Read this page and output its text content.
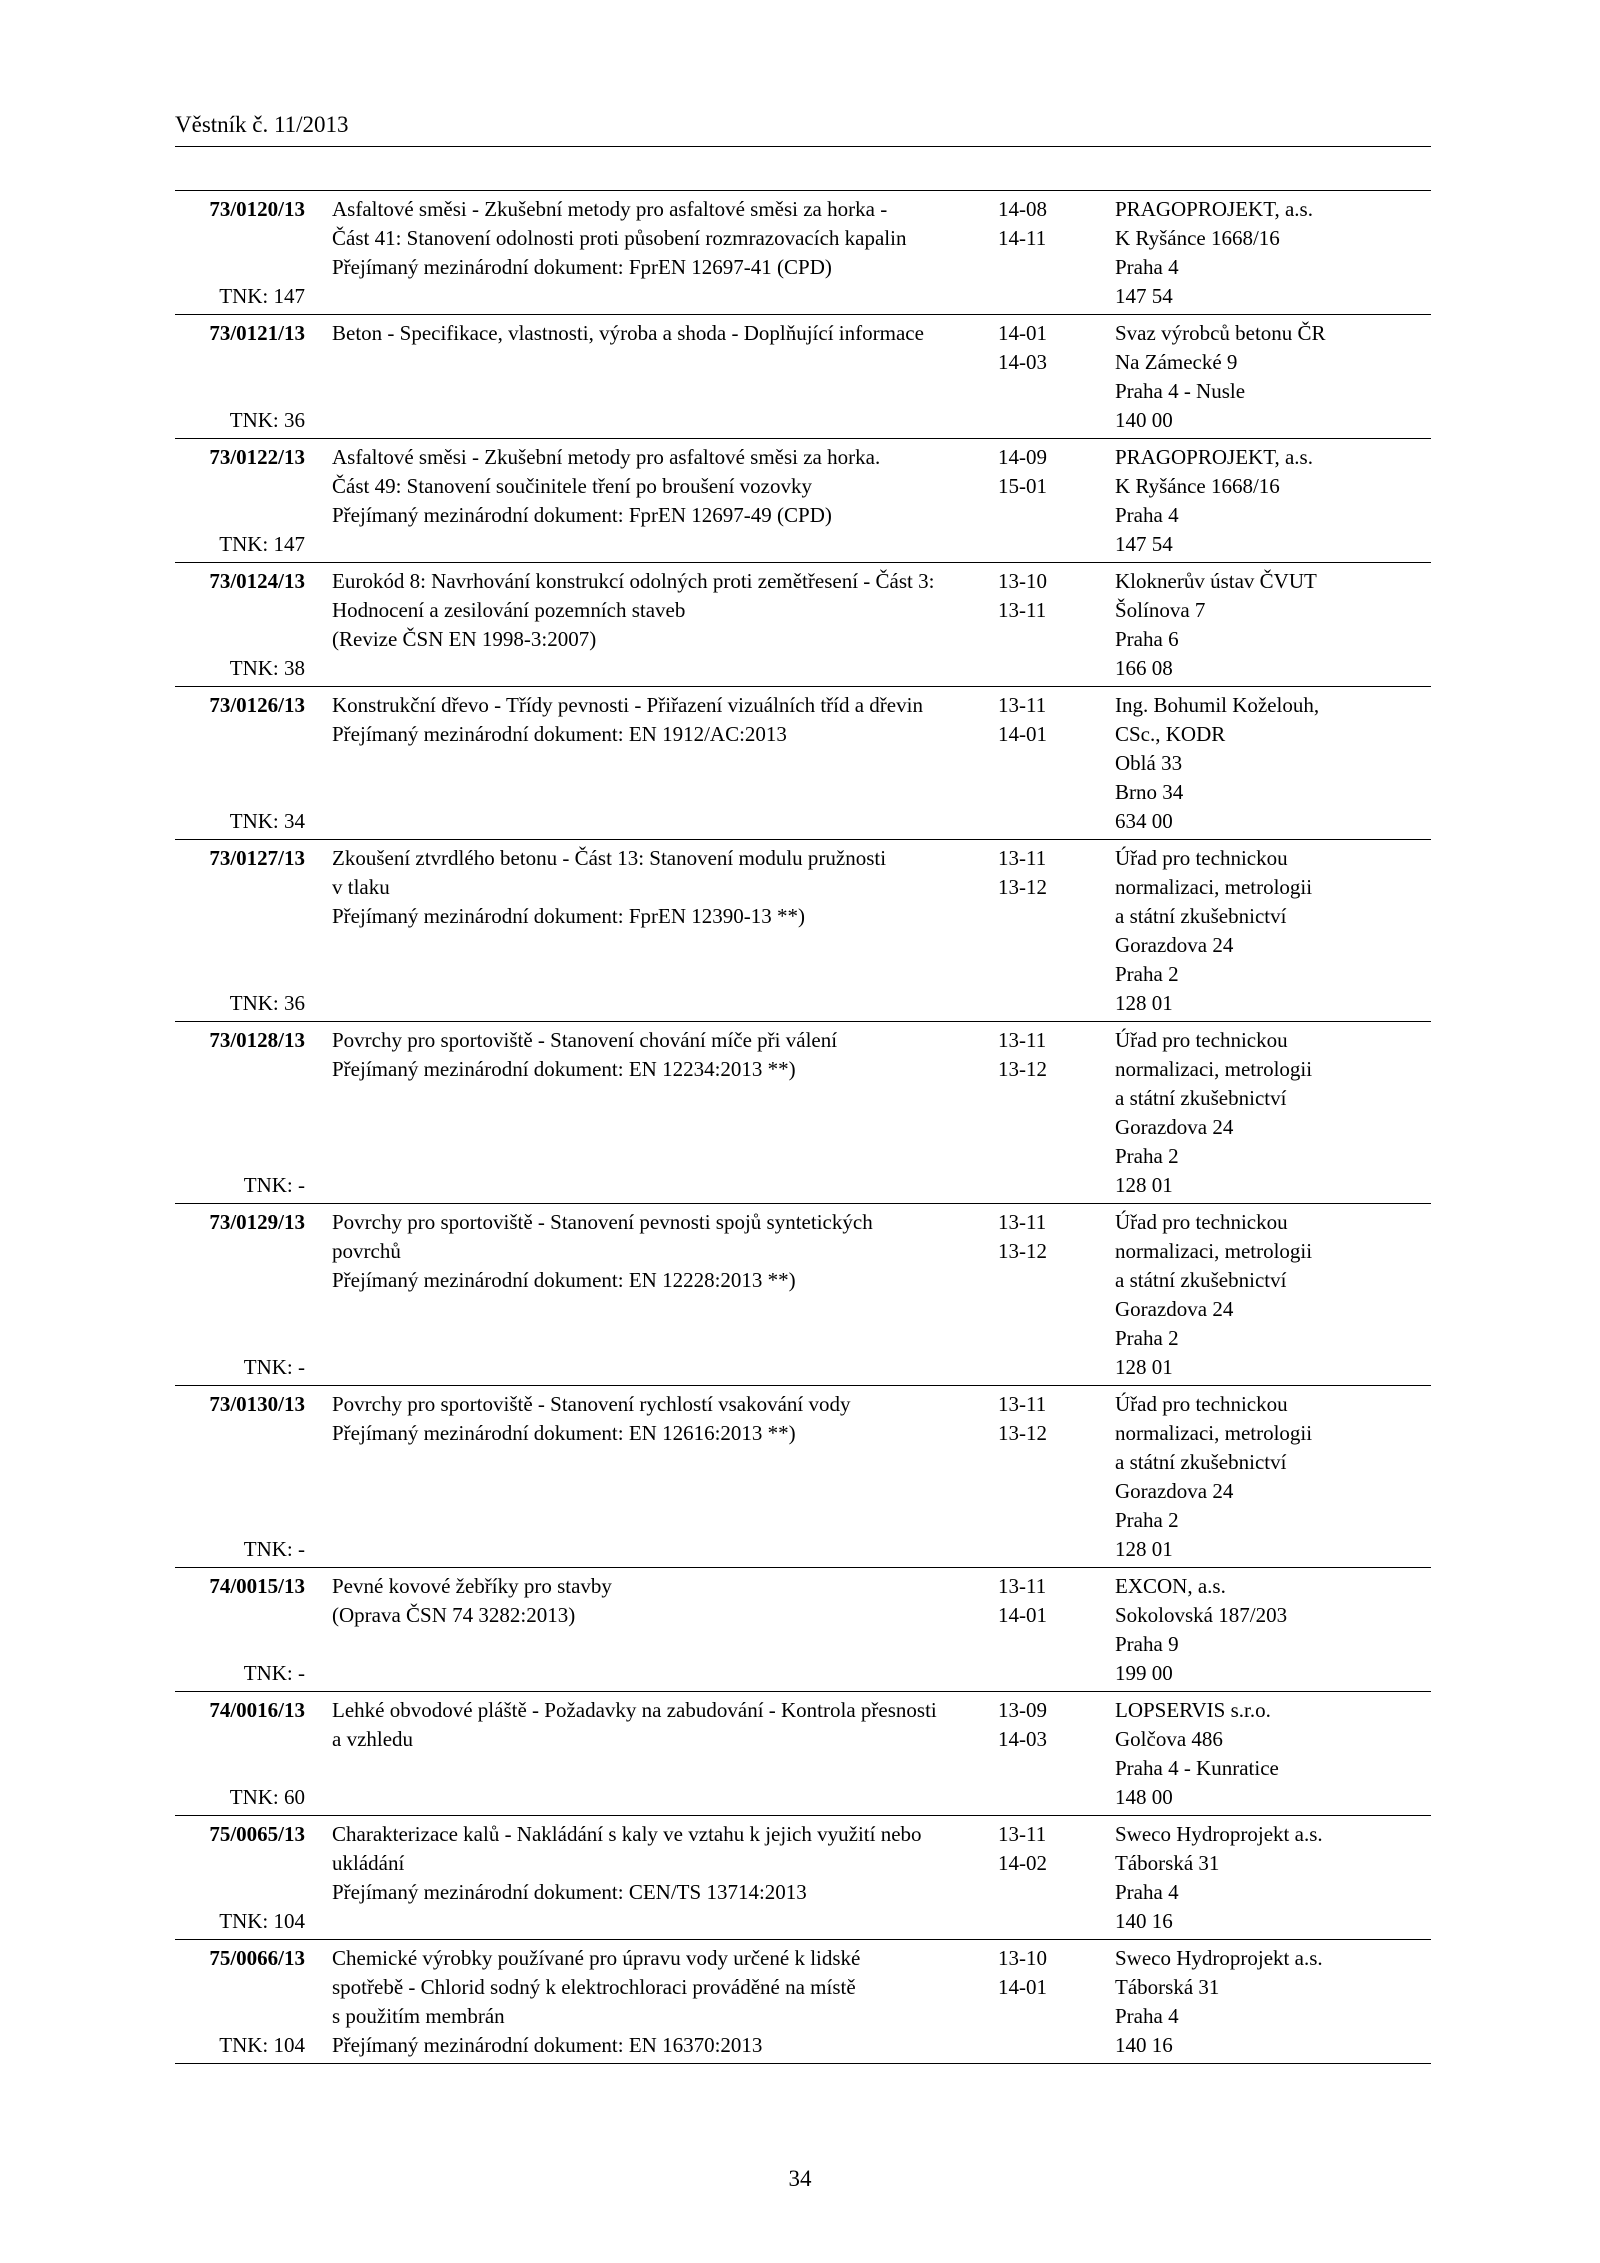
Věstník č. 11/2013
73/0120/13
TNK: 147
Asfaltové směsi - Zkušební metody pro asfaltové směsi za horka -
Část 41: Stanovení odolnosti proti působení rozmrazovacích kapalin
Přejímaný mezinárodní dokument: FprEN 12697-41 (CPD)
14-08
14-11
PRAGOPROJEKT, a.s.
K Ryšánce 1668/16
Praha 4
147 54
73/0121/13
TNK: 36
Beton - Specifikace, vlastnosti, výroba a shoda - Doplňující informace	14-01
14-03
Svaz výrobců betonu ČR
Na Zámecké 9
Praha 4 - Nusle
140 00
73/0122/13
TNK: 147
Asfaltové směsi - Zkušební metody pro asfaltové směsi za horka.
Část 49: Stanovení součinitele tření po broušení vozovky
Přejímaný mezinárodní dokument: FprEN 12697-49 (CPD)
14-09
15-01
PRAGOPROJEKT, a.s.
K Ryšánce 1668/16
Praha 4
147 54
73/0124/13
TNK: 38
Eurokód 8: Navrhování konstrukcí odolných proti zemětřesení - Část 3:
Hodnocení a zesilování pozemních staveb
(Revize ČSN EN 1998-3:2007)
13-10
13-11
Kloknerův ústav ČVUT
Šolínova 7
Praha 6
166 08
73/0126/13
TNK: 34
Konstrukční dřevo - Třídy pevnosti - Přiřazení vizuálních tříd a dřevin
Přejímaný mezinárodní dokument: EN 1912/AC:2013
13-11
14-01
Ing. Bohumil Koželouh,
CSc., KODR
Oblá 33
Brno 34
634 00
73/0127/13
TNK: 36
Zkoušení ztvrdlého betonu - Část 13: Stanovení modulu pružnosti
v tlaku
Přejímaný mezinárodní dokument: FprEN 12390-13 **)
13-11
13-12
Úřad pro technickou
normalizaci, metrologii
a státní zkušebnictví
Gorazdova 24
Praha 2
128 01
73/0128/13
TNK: -
Povrchy pro sportoviště - Stanovení chování míče při válení
Přejímaný mezinárodní dokument: EN 12234:2013 **)
13-11
13-12
Úřad pro technickou
normalizaci, metrologii
a státní zkušebnictví
Gorazdova 24
Praha 2
128 01
73/0129/13
TNK: -
Povrchy pro sportoviště - Stanovení pevnosti spojů syntetických
povrchů
Přejímaný mezinárodní dokument: EN 12228:2013 **)
13-11
13-12
Úřad pro technickou
normalizaci, metrologii
a státní zkušebnictví
Gorazdova 24
Praha 2
128 01
73/0130/13
TNK: -
Povrchy pro sportoviště - Stanovení rychlostí vsakování vody
Přejímaný mezinárodní dokument: EN 12616:2013 **)
13-11
13-12
Úřad pro technickou
normalizaci, metrologii
a státní zkušebnictví
Gorazdova 24
Praha 2
128 01
74/0015/13
TNK: -
Pevné kovové žebříky pro stavby
(Oprava ČSN 74 3282:2013)
13-11
14-01
EXCON, a.s.
Sokolovská 187/203
Praha 9
199 00
74/0016/13
TNK: 60
Lehké obvodové pláště - Požadavky na zabudování - Kontrola přesnosti
a vzhledu
13-09
14-03
LOPSERVIS s.r.o.
Golčova 486
Praha 4 - Kunratice
148 00
75/0065/13
TNK: 104
Charakterizace kalů - Nakládání s kaly ve vztahu k jejich využití nebo
ukládání
Přejímaný mezinárodní dokument: CEN/TS 13714:2013
13-11
14-02
Sweco Hydroprojekt a.s.
Táborská 31
Praha 4
140 16
75/0066/13
TNK: 104
Chemické výrobky používané pro úpravu vody určené k lidské
spotřebě - Chlorid sodný k elektrochloraci prováděné na místě
s použitím membrán
Přejímaný mezinárodní dokument: EN 16370:2013
13-10
14-01
Sweco Hydroprojekt a.s.
Táborská 31
Praha 4
140 16
34
